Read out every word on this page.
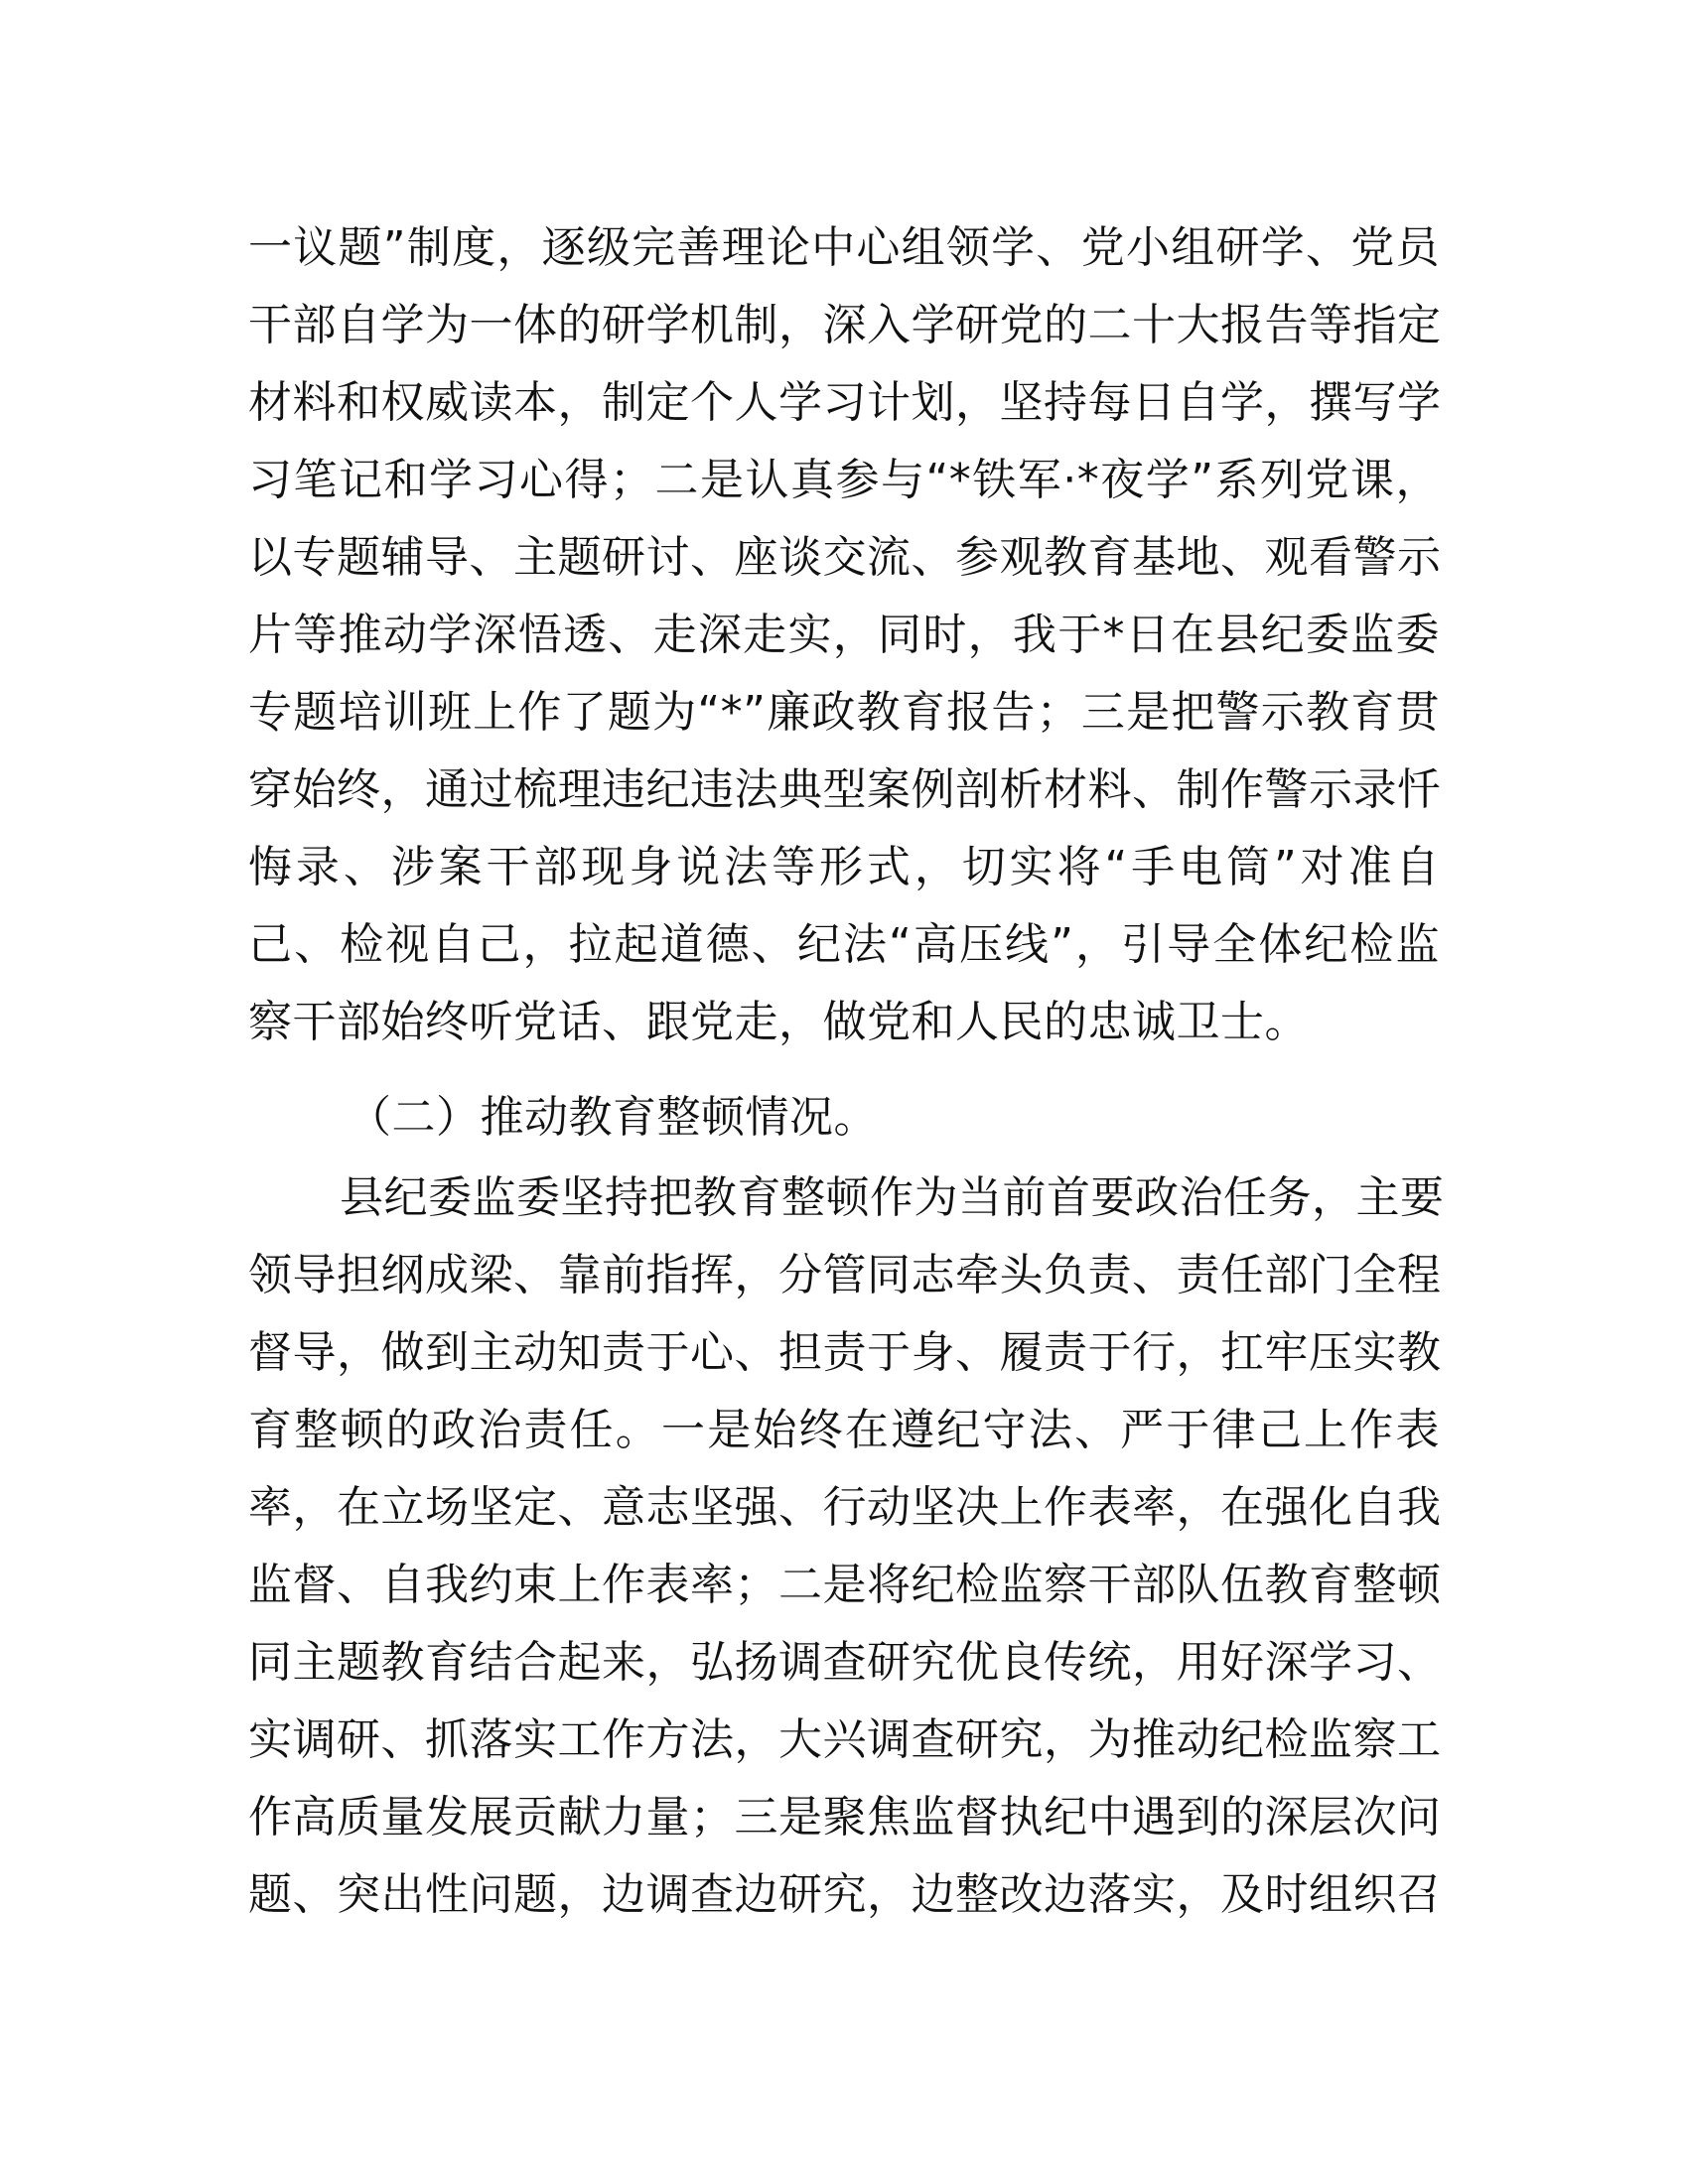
一议题”制度，逐级完善理论中心组领学、党小组研学、党员
干部自学为一体的研学机制，深入学研党的二十大报告等指定
材料和权威读本，制定个人学习计划，坚持每日自学，撰写学
习笔记和学习心得；二是认真参与“*铁军·*夜学”系列党课，
以专题辅导、主题研讨、座谈交流、参观教育基地、观看警示
片等推动学深悟透、走深走实，同时，我于*日在县纪委监委
专题培训班上作了题为“*”廉政教育报告；三是把警示教育贯
穿始终，通过梳理违纪违法典型案例剖析材料、制作警示录忏
悔录、涉案干部现身说法等形式，切实将“手电筒”对准自
己、检视自己，拉起道德、纪法“高压线”，引导全体纪检监
察干部始终听党话、跟党走，做党和人民的忠诚卫士。
（二）推动教育整顿情况。
县纪委监委坚持把教育整顿作为当前首要政治任务，主要
领导担纲成梁、靠前指挥，分管同志牵头负责、责任部门全程
督导，做到主动知责于心、担责于身、履责于行，扛牢压实教
育整顿的政治责任。一是始终在遵纪守法、严于律己上作表
率，在立场坚定、意志坚强、行动坚决上作表率，在强化自我
监督、自我约束上作表率；二是将纪检监察干部队伍教育整顿
同主题教育结合起来，弘扬调查研究优良传统，用好深学习、
实调研、抓落实工作方法，大兴调查研究，为推动纪检监察工
作高质量发展贡献力量；三是聚焦监督执纪中遇到的深层次问
题、突出性问题，边调查边研究，边整改边落实，及时组织召
